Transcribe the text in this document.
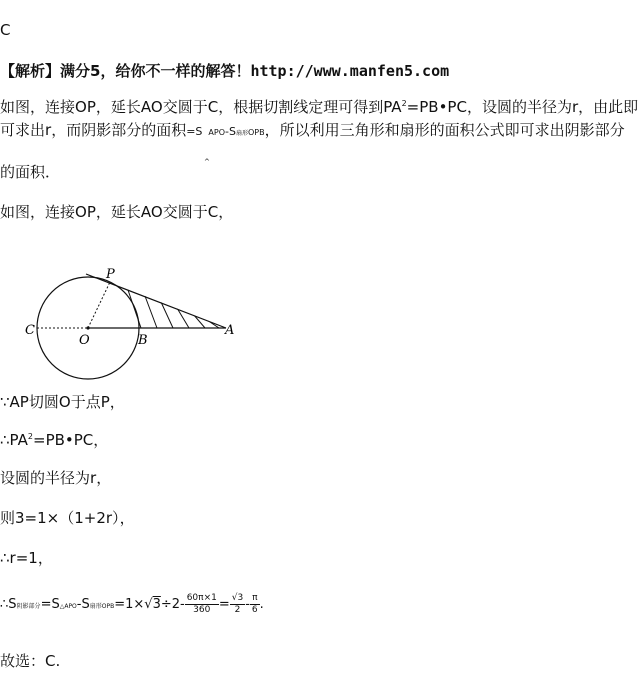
C
【解析】满分5，给你不一样的解答！http://www.manfen5.com
如图，连接OP，延长AO交圆于C，根据切割线定理可得到$PA^2=PB•PC$，设圆的半径为r，由此即
可求出r，而阴影部分的面积=S APO-S扇形OPB，所以利用三角形和扇形的面积公式即可求出阴影部分
^
的面积．
如图，连接OP，延长AO交圆于C，
P
C
O	B
A
∵AP切圆O于点P，
$\therefore PA^2=PB•PC$，
设圆的半径为r，
则3=1×（1+2r），
∴r=1，
∴S阴影部分=S△APO-S扇形$OPB=1\times√3\div 2- \frac{60\pi\times 1}{360} = \frac{√3}{2} - \frac{\pi}{6}$ .
故选：C.
